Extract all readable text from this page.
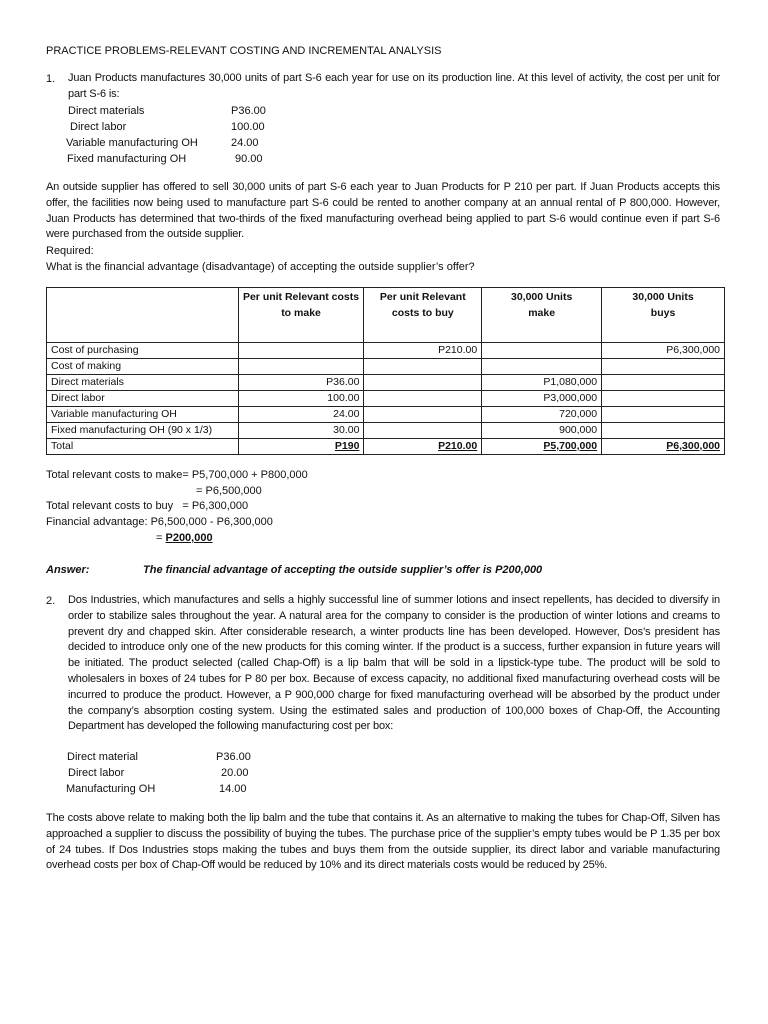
PRACTICE PROBLEMS-RELEVANT COSTING AND INCREMENTAL ANALYSIS
1. Juan Products manufactures 30,000 units of part S-6 each year for use on its production line. At this level of activity, the cost per unit for part S-6 is:
Direct materials	P36.00
Direct labor	100.00
Variable manufacturing OH	24.00
Fixed manufacturing OH	90.00
An outside supplier has offered to sell 30,000 units of part S-6 each year to Juan Products for P 210 per part. If Juan Products accepts this offer, the facilities now being used to manufacture part S-6 could be rented to another company at an annual rental of P 800,000. However, Juan Products has determined that two-thirds of the fixed manufacturing overhead being applied to part S-6 would continue even if part S-6 were purchased from the outside supplier.
Required:
What is the financial advantage (disadvantage) of accepting the outside supplier’s offer?
	Per unit Relevant costs to make	Per unit Relevant costs to buy	30,000 Units make	30,000 Units buys
Cost of purchasing		P210.00		P6,300,000
Cost of making				
Direct materials	P36.00		P1,080,000	
Direct labor	100.00		P3,000,000	
Variable manufacturing OH	24.00		720,000	
Fixed manufacturing OH (90 x 1/3)	30.00		900,000	
Total	P190	P210.00	P5,700,000	P6,300,000
Total relevant costs to make= P5,700,000 + P800,000
= P6,500,000
Total relevant costs to buy   = P6,300,000
Financial advantage: P6,500,000 - P6,300,000
= P200,000
Answer:	The financial advantage of accepting the outside supplier’s offer is P200,000
2. Dos Industries, which manufactures and sells a highly successful line of summer lotions and insect repellents, has decided to diversify in order to stabilize sales throughout the year. A natural area for the company to consider is the production of winter lotions and creams to prevent dry and chapped skin. After considerable research, a winter products line has been developed. However, Dos’s president has decided to introduce only one of the new products for this coming winter. If the product is a success, further expansion in future years will be initiated. The product selected (called Chap-Off) is a lip balm that will be sold in a lipstick-type tube. The product will be sold to wholesalers in boxes of 24 tubes for P 80 per box. Because of excess capacity, no additional fixed manufacturing overhead costs will be incurred to produce the product. However, a P 900,000 charge for fixed manufacturing overhead will be absorbed by the product under the company’s absorption costing system. Using the estimated sales and production of 100,000 boxes of Chap-Off, the Accounting Department has developed the following manufacturing cost per box:
Direct material	P36.00
Direct labor	20.00
Manufacturing OH	14.00
The costs above relate to making both the lip balm and the tube that contains it. As an alternative to making the tubes for Chap-Off, Silven has approached a supplier to discuss the possibility of buying the tubes. The purchase price of the supplier’s empty tubes would be P 1.35 per box of 24 tubes. If Dos Industries stops making the tubes and buys them from the outside supplier, its direct labor and variable manufacturing overhead costs per box of Chap-Off would be reduced by 10% and its direct materials costs would be reduced by 25%.
